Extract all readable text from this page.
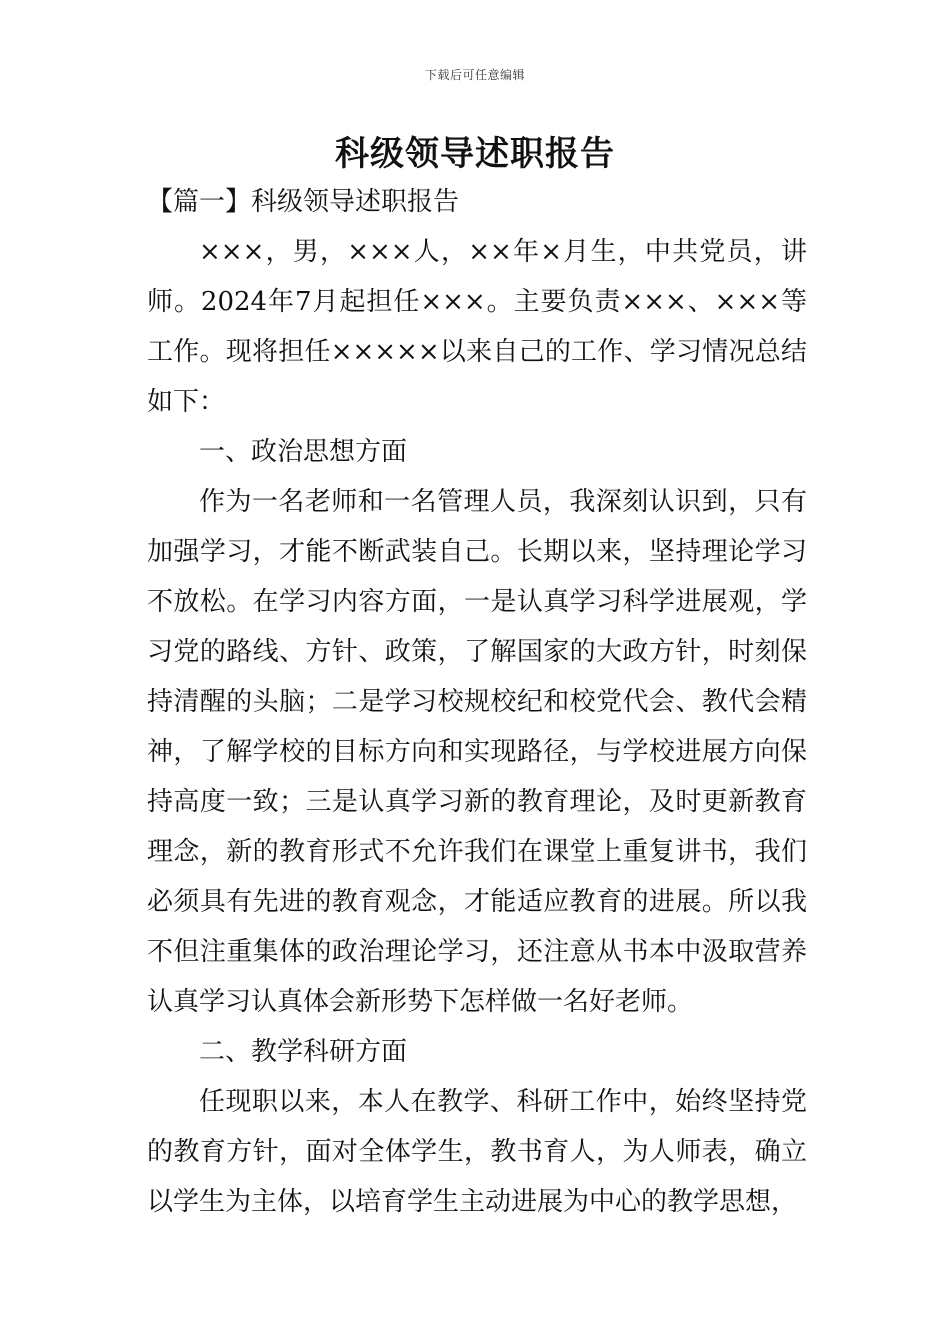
下载后可任意编辑
科级领导述职报告

【篇一】科级领导述职报告

×××，男，×××人，××年×月生，中共党员，讲师。2024年7月起担任×××。主要负责×××、×××等工作。现将担任×××××以来自己的工作、学习情况总结如下：

一、政治思想方面

作为一名老师和一名管理人员，我深刻认识到，只有加强学习，才能不断武装自己。长期以来，坚持理论学习不放松。在学习内容方面，一是认真学习科学进展观，学习党的路线、方针、政策，了解国家的大政方针，时刻保持清醒的头脑；二是学习校规校纪和校党代会、教代会精神，了解学校的目标方向和实现路径，与学校进展方向保持高度一致；三是认真学习新的教育理论，及时更新教育理念，新的教育形式不允许我们在课堂上重复讲书，我们必须具有先进的教育观念，才能适应教育的进展。所以我不但注重集体的政治理论学习，还注意从书本中汲取营养认真学习认真体会新形势下怎样做一名好老师。

二、教学科研方面

任现职以来，本人在教学、科研工作中，始终坚持党的教育方针，面对全体学生，教书育人，为人师表，确立以学生为主体，以培育学生主动进展为中心的教学思想，
